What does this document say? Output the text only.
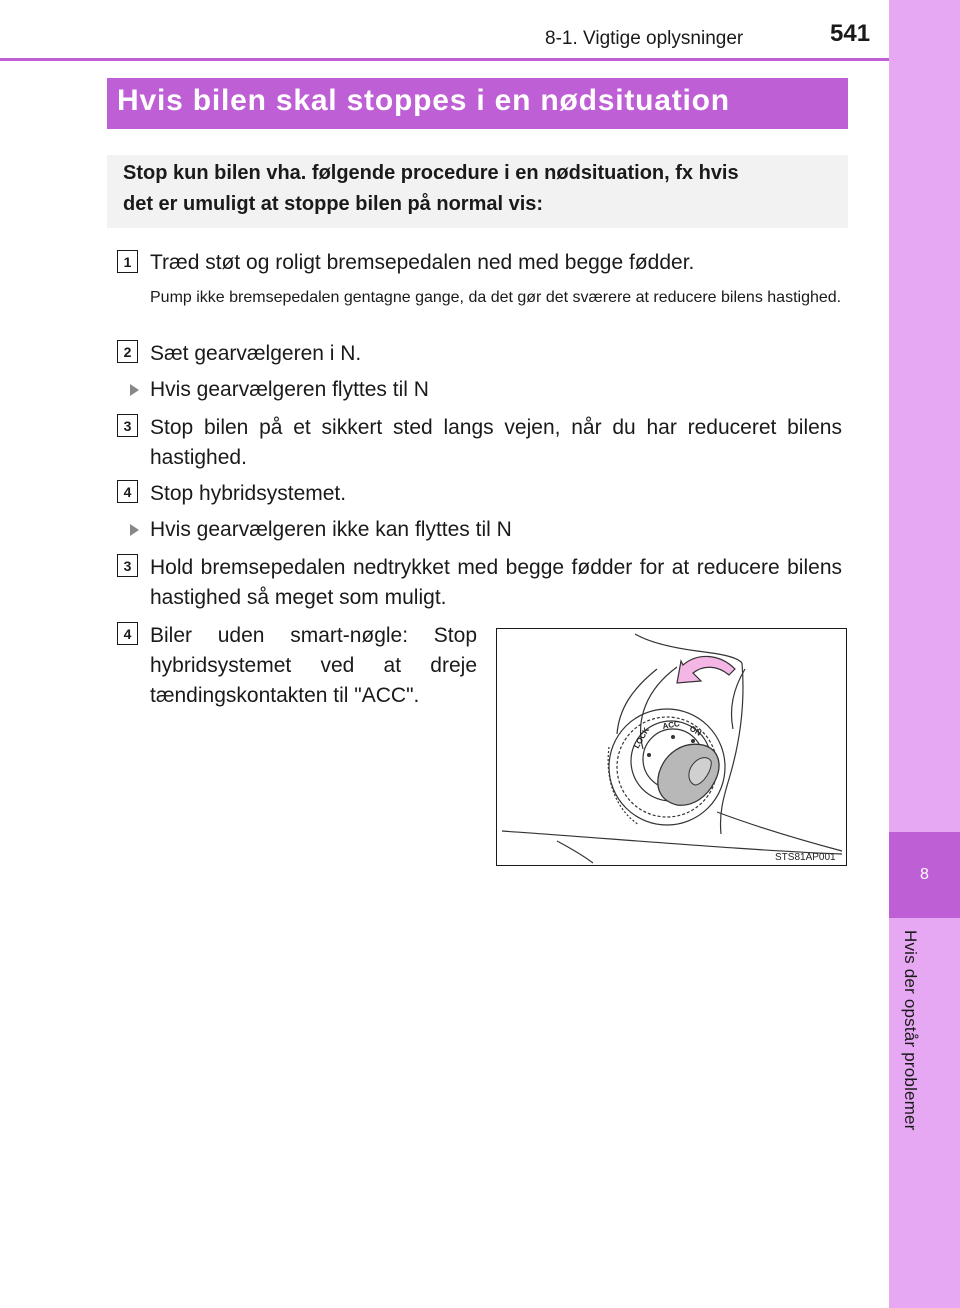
8-1. Vigtige oplysninger	541
8
Hvis der opstår problemer
Hvis bilen skal stoppes i en nødsituation
Stop kun bilen vha. følgende procedure i en nødsituation, fx hvis
det er umuligt at stoppe bilen på normal vis:
1 Træd støt og roligt bremsepedalen ned med begge fødder.
Pump ikke bremsepedalen gentagne gange, da det gør det sværere at reducere bilens hastighed.
2 Sæt gearvælgeren i N.
Hvis gearvælgeren flyttes til N
3 Stop bilen på et sikkert sted langs vejen, når du har reduceret bilens hastighed.
4 Stop hybridsystemet.
Hvis gearvælgeren ikke kan flyttes til N
3 Hold bremsepedalen nedtrykket med begge fødder for at reducere bilens hastighed så meget som muligt.
4 Biler uden smart-nøgle: Stop hybridsystemet ved at dreje tændingskontakten til "ACC".
LOCK
ACC ON
STS81AP001
